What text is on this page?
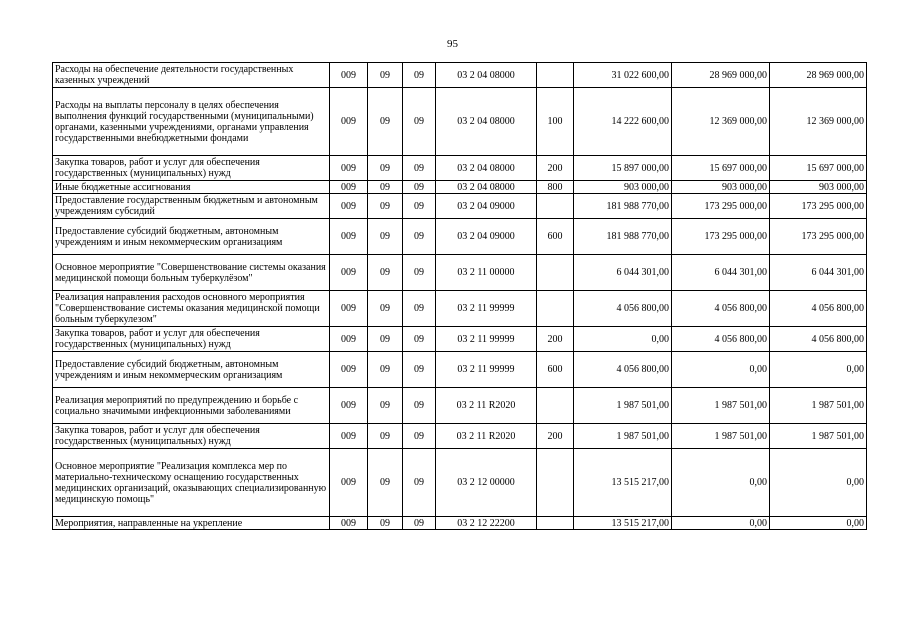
95
Расходы на обеспечение деятельности государственных казенных учреждений	009	09	09	03 2 04 08000		31 022 600,00	28 969 000,00	28 969 000,00
Расходы на выплаты персоналу в целях обеспечения выполнения функций государственными (муниципальными) органами, казенными учреждениями, органами управления государственными внебюджетными фондами	009	09	09	03 2 04 08000	100	14 222 600,00	12 369 000,00	12 369 000,00
Закупка товаров, работ и услуг для обеспечения государственных (муниципальных) нужд	009	09	09	03 2 04 08000	200	15 897 000,00	15 697 000,00	15 697 000,00
Иные бюджетные ассигнования	009	09	09	03 2 04 08000	800	903 000,00	903 000,00	903 000,00
Предоставление государственным бюджетным и автономным учреждениям субсидий	009	09	09	03 2 04 09000		181 988 770,00	173 295 000,00	173 295 000,00
Предоставление субсидий бюджетным, автономным учреждениям и иным некоммерческим организациям	009	09	09	03 2 04 09000	600	181 988 770,00	173 295 000,00	173 295 000,00
Основное мероприятие "Совершенствование системы оказания медицинской помощи больным туберкулёзом"	009	09	09	03 2 11 00000		6 044 301,00	6 044 301,00	6 044 301,00
Реализация направления расходов основного мероприятия "Совершенствование системы оказания медицинской помощи больным туберкулезом"	009	09	09	03 2 11 99999		4 056 800,00	4 056 800,00	4 056 800,00
Закупка товаров, работ и услуг для обеспечения государственных (муниципальных) нужд	009	09	09	03 2 11 99999	200	0,00	4 056 800,00	4 056 800,00
Предоставление субсидий бюджетным, автономным учреждениям и иным некоммерческим организациям	009	09	09	03 2 11 99999	600	4 056 800,00	0,00	0,00
Реализация мероприятий по предупреждению и борьбе с социально значимыми инфекционными заболеваниями	009	09	09	03 2 11 R2020		1 987 501,00	1 987 501,00	1 987 501,00
Закупка товаров, работ и услуг для обеспечения государственных (муниципальных) нужд	009	09	09	03 2 11 R2020	200	1 987 501,00	1 987 501,00	1 987 501,00
Основное мероприятие "Реализация комплекса мер по материально-техническому оснащению государственных медицинских организаций, оказывающих специализированную медицинскую помощь"	009	09	09	03 2 12 00000		13 515 217,00	0,00	0,00
Мероприятия, направленные на укрепление	009	09	09	03 2 12 22200		13 515 217,00	0,00	0,00
